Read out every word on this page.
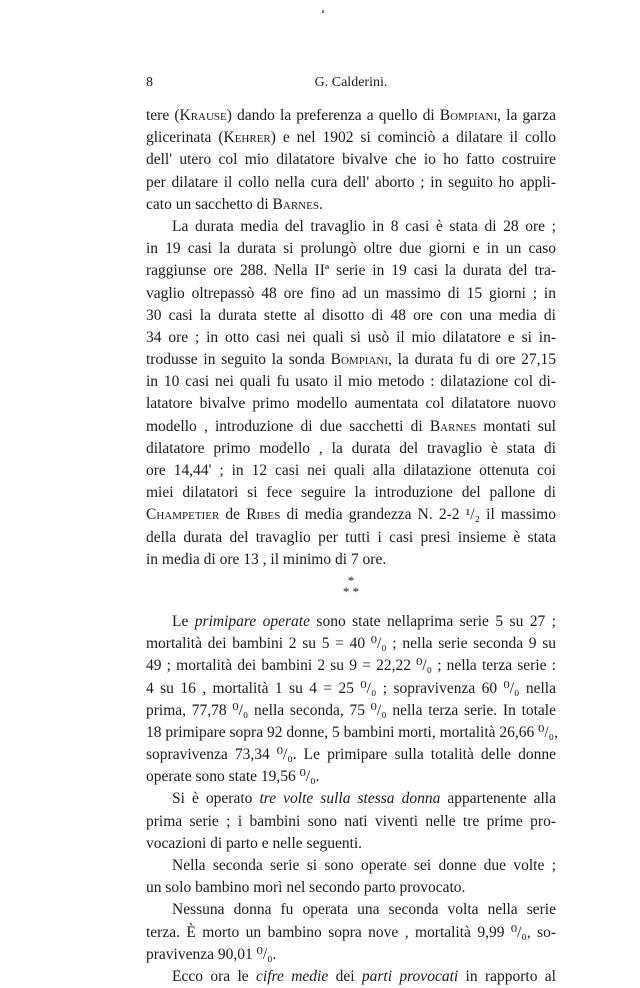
8	G. Calderini.
tere (Krause) dando la preferenza a quello di Bompiani, la garza
glicerinata (Kehrer) e nel 1902 si cominciò a dilatare il collo
dell' utero col mio dilatatore bivalve che io ho fatto costruire
per dilatare il collo nella cura dell' aborto ; in seguito ho appli-
cato un sacchetto di Barnes.
La durata media del travaglio in 8 casi è stata di 28 ore ;
in 19 casi la durata si prolungò oltre due giorni e in un caso
raggiunse ore 288. Nella IIª serie in 19 casi la durata del tra-
vaglio oltrepassò 48 ore fino ad un massimo di 15 giorni ; in
30 casi la durata stette al disotto di 48 ore con una media di
34 ore ; in otto casi nei quali si usò il mio dilatatore e si in-
trodusse in seguito la sonda Bompiani, la durata fu di ore 27,15
in 10 casi nei quali fu usato il mio metodo : dilatazione col di-
latatore bivalve primo modello aumentata col dilatatore nuovo
modello , introduzione di due sacchetti di Barnes montati sul
dilatatore primo modello , la durata del travaglio è stata di
ore 14,44' ; in 12 casi nei quali alla dilatazione ottenuta coi
miei dilatatori si fece seguire la introduzione del pallone di
Champetier de Ribes di media grandezza N. 2-2 ¹/₂ il massimo
della durata del travaglio per tutti i casi presi insieme è stata
in media di ore 13 , il minimo di 7 ore.
*
* *
Le primipare operate sono state nellaprima serie 5 su 27 ;
mortalità dei bambini 2 su 5 = 40 ⁰/₀ ; nella serie seconda 9 su
49 ; mortalità dei bambini 2 su 9 = 22,22 ⁰/₀ ; nella terza serie :
4 su 16 , mortalità 1 su 4 = 25 ⁰/₀ ; sopravivenza 60 ⁰/₀ nella
prima, 77,78 ⁰/₀ nella seconda, 75 ⁰/₀ nella terza serie. In totale
18 primipare sopra 92 donne, 5 bambini morti, mortalità 26,66 ⁰/₀,
sopravivenza 73,34 ⁰/₀. Le primipare sulla totalità delle donne
operate sono state 19,56 ⁰/₀.
Si è operato tre volte sulla stessa donna appartenente alla
prima serie ; i bambini sono nati viventi nelle tre prime pro-
vocazioni di parto e nelle seguenti.
Nella seconda serie si sono operate sei donne due volte ;
un solo bambino morì nel secondo parto provocato.
Nessuna donna fu operata una seconda volta nella serie
terza. È morto un bambino sopra nove , mortalità 9,99 ⁰/₀, so-
pravivenza 90,01 ⁰/₀.
Ecco ora le cifre medie dei parti provocati in rapporto al
